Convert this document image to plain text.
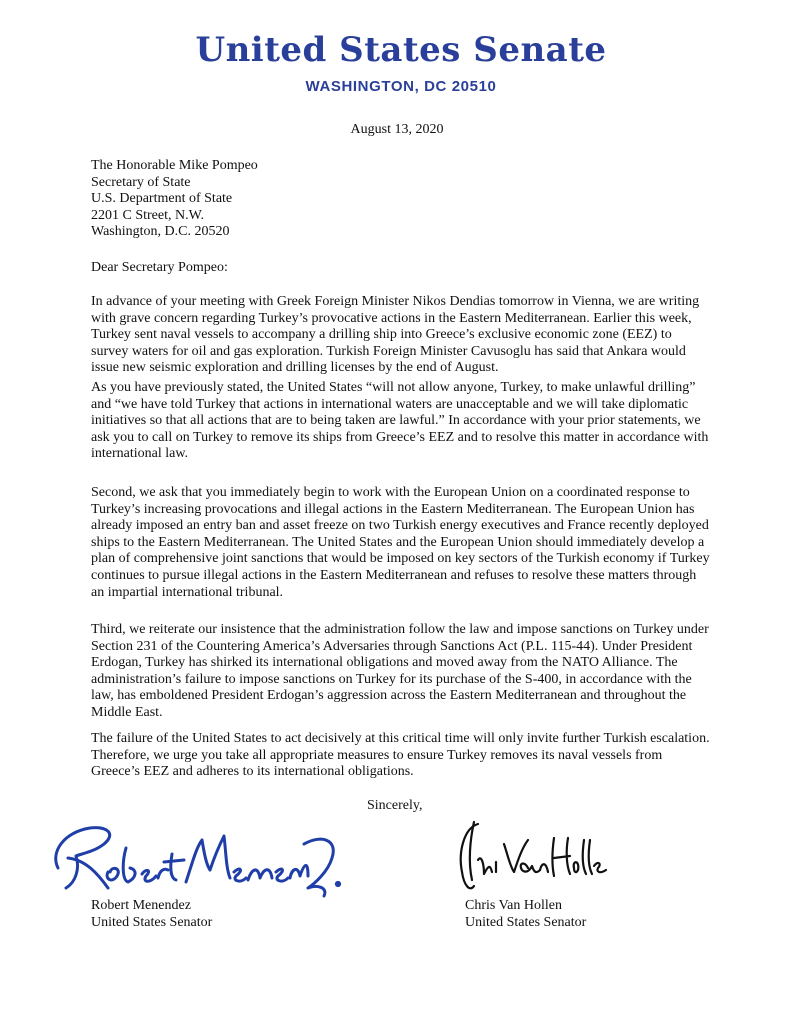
United States Senate
WASHINGTON, DC 20510
August 13, 2020
The Honorable Mike Pompeo
Secretary of State
U.S. Department of State
2201 C Street, N.W.
Washington, D.C. 20520
Dear Secretary Pompeo:
In advance of your meeting with Greek Foreign Minister Nikos Dendias tomorrow in Vienna, we are writing with grave concern regarding Turkey’s provocative actions in the Eastern Mediterranean. Earlier this week, Turkey sent naval vessels to accompany a drilling ship into Greece’s exclusive economic zone (EEZ) to survey waters for oil and gas exploration. Turkish Foreign Minister Cavusoglu has said that Ankara would issue new seismic exploration and drilling licenses by the end of August.
As you have previously stated, the United States “will not allow anyone, Turkey, to make unlawful drilling” and “we have told Turkey that actions in international waters are unacceptable and we will take diplomatic initiatives so that all actions that are to being taken are lawful.” In accordance with your prior statements, we ask you to call on Turkey to remove its ships from Greece’s EEZ and to resolve this matter in accordance with international law.
Second, we ask that you immediately begin to work with the European Union on a coordinated response to Turkey’s increasing provocations and illegal actions in the Eastern Mediterranean. The European Union has already imposed an entry ban and asset freeze on two Turkish energy executives and France recently deployed ships to the Eastern Mediterranean. The United States and the European Union should immediately develop a plan of comprehensive joint sanctions that would be imposed on key sectors of the Turkish economy if Turkey continues to pursue illegal actions in the Eastern Mediterranean and refuses to resolve these matters through an impartial international tribunal.
Third, we reiterate our insistence that the administration follow the law and impose sanctions on Turkey under Section 231 of the Countering America’s Adversaries through Sanctions Act (P.L. 115-44). Under President Erdogan, Turkey has shirked its international obligations and moved away from the NATO Alliance. The administration’s failure to impose sanctions on Turkey for its purchase of the S-400, in accordance with the law, has emboldened President Erdogan’s aggression across the Eastern Mediterranean and throughout the Middle East.
The failure of the United States to act decisively at this critical time will only invite further Turkish escalation. Therefore, we urge you take all appropriate measures to ensure Turkey removes its naval vessels from Greece’s EEZ and adheres to its international obligations.
Sincerely,
Robert Menendez
United States Senator
Chris Van Hollen
United States Senator
